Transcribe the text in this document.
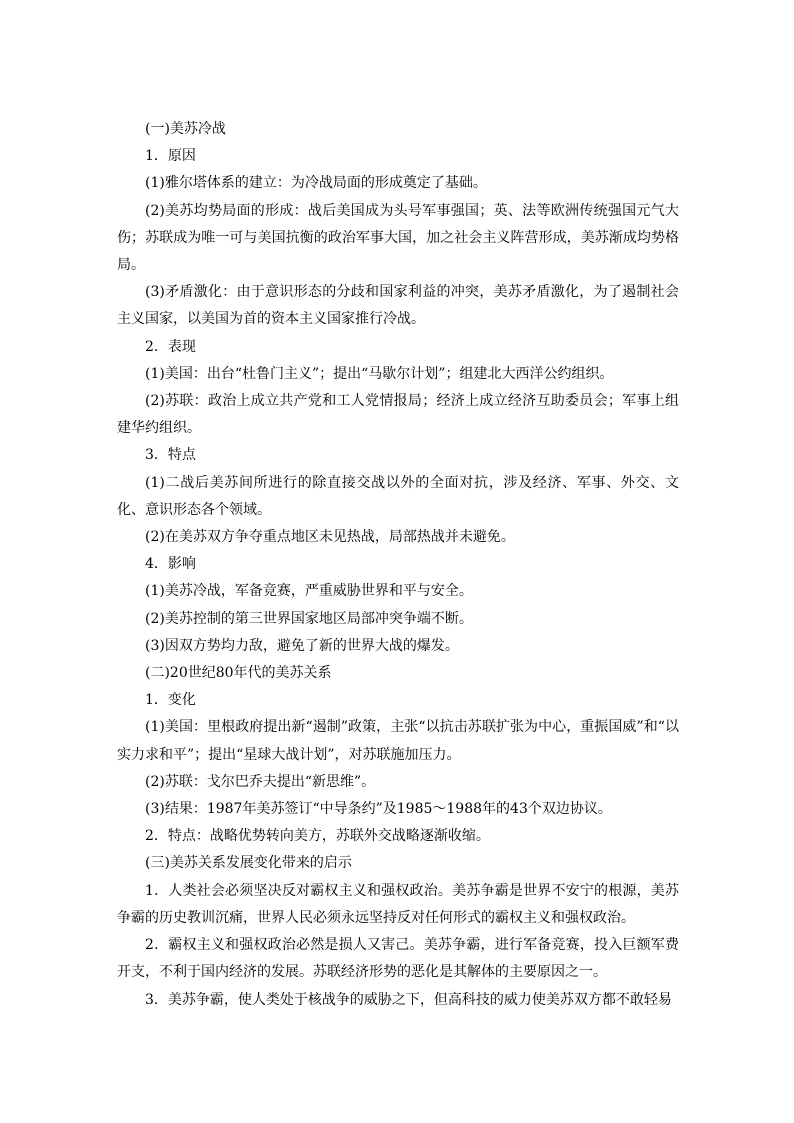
(一)美苏冷战

1．原因

(1)雅尔塔体系的建立：为冷战局面的形成奠定了基础。

(2)美苏均势局面的形成：战后美国成为头号军事强国；英、法等欧洲传统强国元气大伤；苏联成为唯一可与美国抗衡的政治军事大国，加之社会主义阵营形成，美苏渐成均势格局。

(3)矛盾激化：由于意识形态的分歧和国家利益的冲突，美苏矛盾激化，为了遏制社会主义国家，以美国为首的资本主义国家推行冷战。

2．表现

(1)美国：出台“杜鲁门主义”；提出“马歇尔计划”；组建北大西洋公约组织。

(2)苏联：政治上成立共产党和工人党情报局；经济上成立经济互助委员会；军事上组建华约组织。

3．特点

(1)二战后美苏间所进行的除直接交战以外的全面对抗，涉及经济、军事、外交、文化、意识形态各个领域。

(2)在美苏双方争夺重点地区未见热战，局部热战并未避免。

4．影响

(1)美苏冷战，军备竞赛，严重威胁世界和平与安全。

(2)美苏控制的第三世界国家地区局部冲突争端不断。

(3)因双方势均力敌，避免了新的世界大战的爆发。

(二)20世纪80年代的美苏关系

1．变化

(1)美国：里根政府提出新“遏制”政策，主张“以抗击苏联扩张为中心，重振国威”和“以实力求和平”；提出“星球大战计划”，对苏联施加压力。

(2)苏联：戈尔巴乔夫提出“新思维”。

(3)结果：1987年美苏签订“中导条约”及1985～1988年的43个双边协议。

2．特点：战略优势转向美方，苏联外交战略逐渐收缩。

(三)美苏关系发展变化带来的启示

1．人类社会必须坚决反对霸权主义和强权政治。美苏争霸是世界不安宁的根源，美苏争霸的历史教训沉痛，世界人民必须永远坚持反对任何形式的霸权主义和强权政治。

2．霸权主义和强权政治必然是损人又害己。美苏争霸，进行军备竞赛，投入巨额军费开支，不利于国内经济的发展。苏联经济形势的恶化是其解体的主要原因之一。

3．美苏争霸，使人类处于核战争的威胁之下，但高科技的威力使美苏双方都不敢轻易
